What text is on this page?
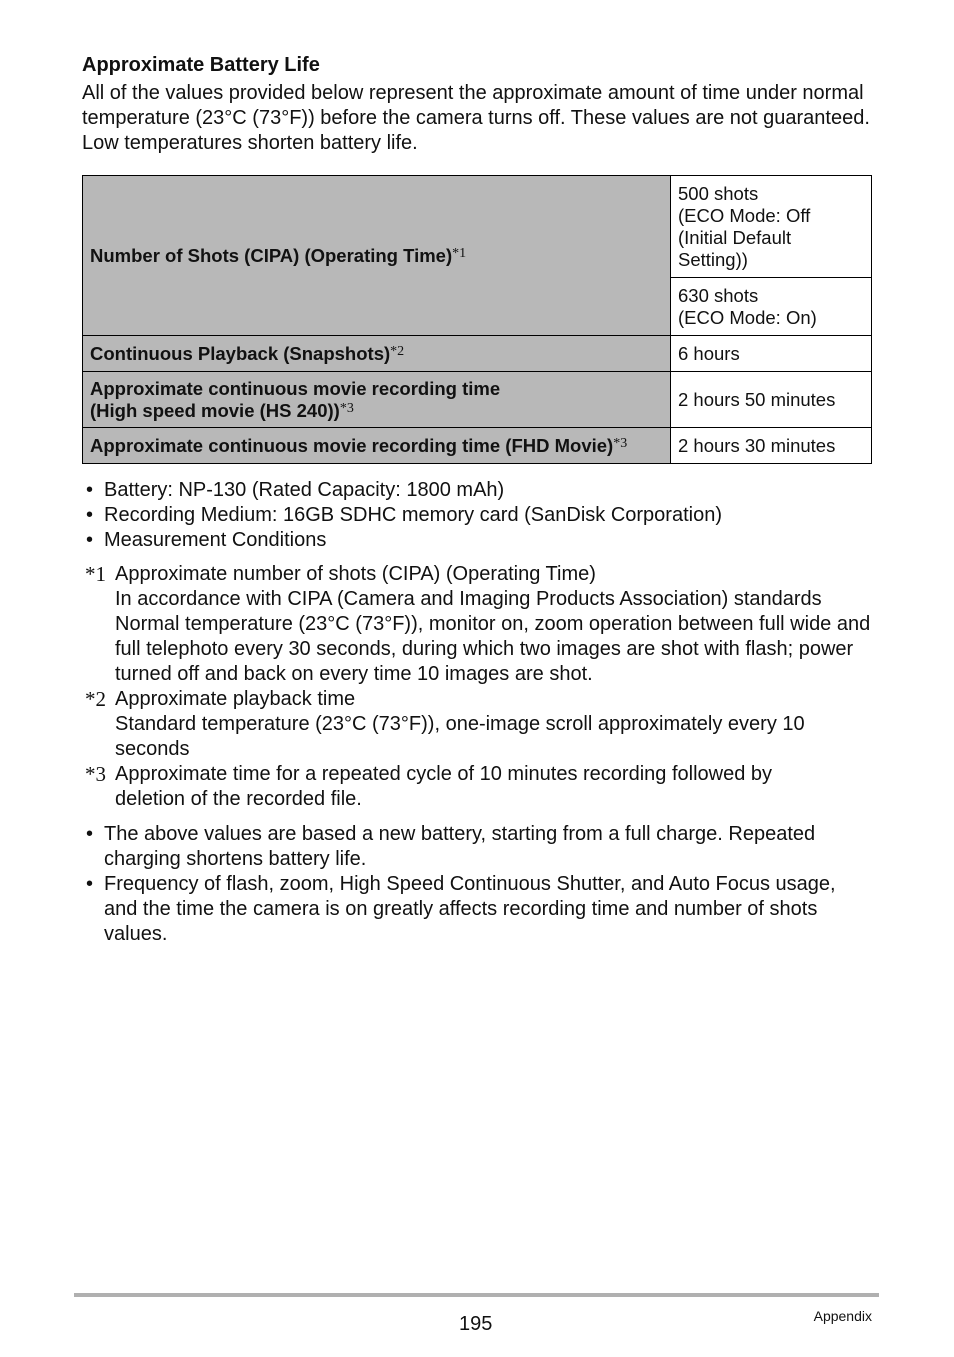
Approximate Battery Life

All of the values provided below represent the approximate amount of time under normal temperature (23°C (73°F)) before the camera turns off. These values are not guaranteed. Low temperatures shorten battery life.

Number of Shots (CIPA) (Operating Time)$^{*1}$	500 shots
(ECO Mode: Off
(Initial Default
Setting))

	630 shots
(ECO Mode: On)

Continuous Playback (Snapshots)$^{*2}$	6 hours

Approximate continuous movie recording time
(High speed movie (HS 240))$^{*3}$	2 hours 50 minutes
Approximate continuous movie recording time (FHD Movie)$^{*3}$	2 hours 30 minutes
• Battery: NP-130 (Rated Capacity: 1800 mAh)
• Recording Medium: 16GB SDHC memory card (SanDisk Corporation)
• Measurement Conditions
*1 Approximate number of shots (CIPA) (Operating Time)
In accordance with CIPA (Camera and Imaging Products Association) standards
Normal temperature (23°C (73°F)), monitor on, zoom operation between full wide and full telephoto every 30 seconds, during which two images are shot with flash; power turned off and back on every time 10 images are shot.
*2 Approximate playback time
Standard temperature (23°C (73°F)), one-image scroll approximately every 10 seconds
*3 Approximate time for a repeated cycle of 10 minutes recording followed by deletion of the recorded file.
• The above values are based a new battery, starting from a full charge. Repeated charging shortens battery life.
• Frequency of flash, zoom, High Speed Continuous Shutter, and Auto Focus usage, and the time the camera is on greatly affects recording time and number of shots values.
195	Appendix
